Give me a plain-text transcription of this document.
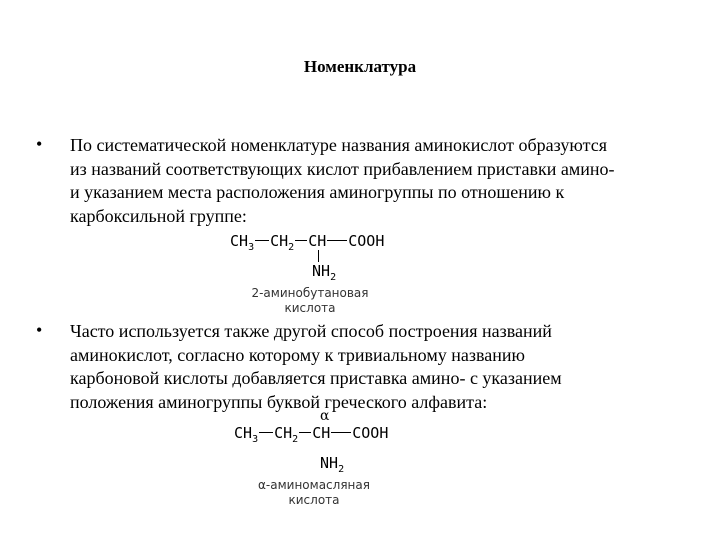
Номенклатура
• По систематической номенклатуре названия аминокислот образуются
из названий соответствующих кислот прибавлением приставки амино-
и указанием места расположения аминогруппы по отношению к
карбоксильной группе:
$CH_3$ $CH_2$ CH COOH
$NH_2$
2-аминобутановая
кислота
• Часто используется также другой способ построения названий
аминокислот, согласно которому к тривиальному названию
карбоновой кислоты добавляется приставка амино- с указанием
положения аминогруппы буквой греческого алфавита:
α
$CH_3$ $CH_2$ CH COOH
$NH_2$
α-аминомасляная
кислота
